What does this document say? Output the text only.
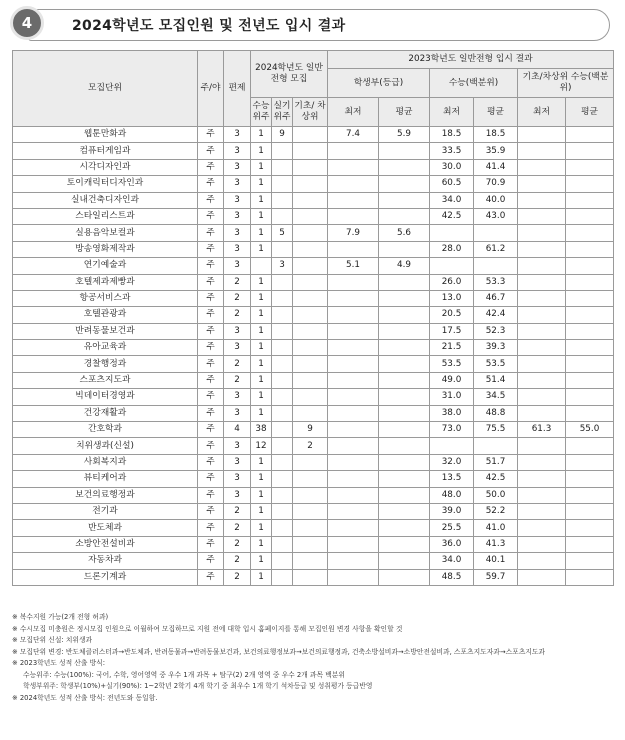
4	2024학년도 모집인원 및 전년도 입시 결과
모집단위	주/야	편제	2024학년도 일반전형 모집			2023학년도 일반전형 입시 결과					
						학생부(등급)		수능(백분위)		기초/차상위 수능(백분위)	
			수능 위주	실기 위주	기초/ 차상위	최저	평균	최저	평균	최저	평균
웹툰만화과	주	3	1	9		7.4	5.9	18.5	18.5		
컴퓨터게임과	주	3	1					33.5	35.9		
시각디자인과	주	3	1					30.0	41.4		
토이캐릭터디자인과	주	3	1					60.5	70.9		
실내건축디자인과	주	3	1					34.0	40.0		
스타일리스트과	주	3	1					42.5	43.0		
실용음악보컬과	주	3	1	5		7.9	5.6				
방송영화제작과	주	3	1					28.0	61.2		
연기예술과	주	3		3		5.1	4.9				
호텔제과제빵과	주	2	1					26.0	53.3		
항공서비스과	주	2	1					13.0	46.7		
호텔관광과	주	2	1					20.5	42.4		
반려동물보건과	주	3	1					17.5	52.3		
유아교육과	주	3	1					21.5	39.3		
경찰행정과	주	2	1					53.5	53.5		
스포츠지도과	주	2	1					49.0	51.4		
빅데이터경영과	주	3	1					31.0	34.5		
건강재활과	주	3	1					38.0	48.8		
간호학과	주	4	38		9			73.0	75.5	61.3	55.0
치위생과(신설)	주	3	12		2						
사회복지과	주	3	1					32.0	51.7		
뷰티케어과	주	3	1					13.5	42.5		
보건의료행정과	주	3	1					48.0	50.0		
전기과	주	2	1					39.0	52.2		
반도체과	주	2	1					25.5	41.0		
소방안전설비과	주	2	1					36.0	41.3		
자동차과	주	2	1					34.0	40.1		
드론기계과	주	2	1					48.5	59.7		
※ 복수지원 가능(2개 전형 허과)
※ 수시모집 미충원은 정시모집 인원으로 이월하여 모집하므로 지원 전에 대학 입시 홈페이지를 통해 모집인원 변경 사항을 확인할 것
※ 모집단위 신설: 치위생과
※ 모집단위 변경: 반도체클러스터과→반도체과, 반려동물과→반려동물보건과, 보건의료행정보과→보건의료행정과, 건축소방설비과→소방안전설비과, 스포츠지도자과→스포츠지도과
※ 2023학년도 성적 산출 방식:
수능위주: 수능(100%): 국어, 수학, 영어영역 중 우수 1개 과목 + 탐구(2) 2개 영역 중 우수 2개 과목 백분위
학생부위주: 학생부(10%)+실기(90%): 1~2학년 2학기 4개 학기 중 최우수 1개 학기 석차등급 및 성취평가 등급반영
※ 2024학년도 성적 산출 방식: 전년도와 동일함.
